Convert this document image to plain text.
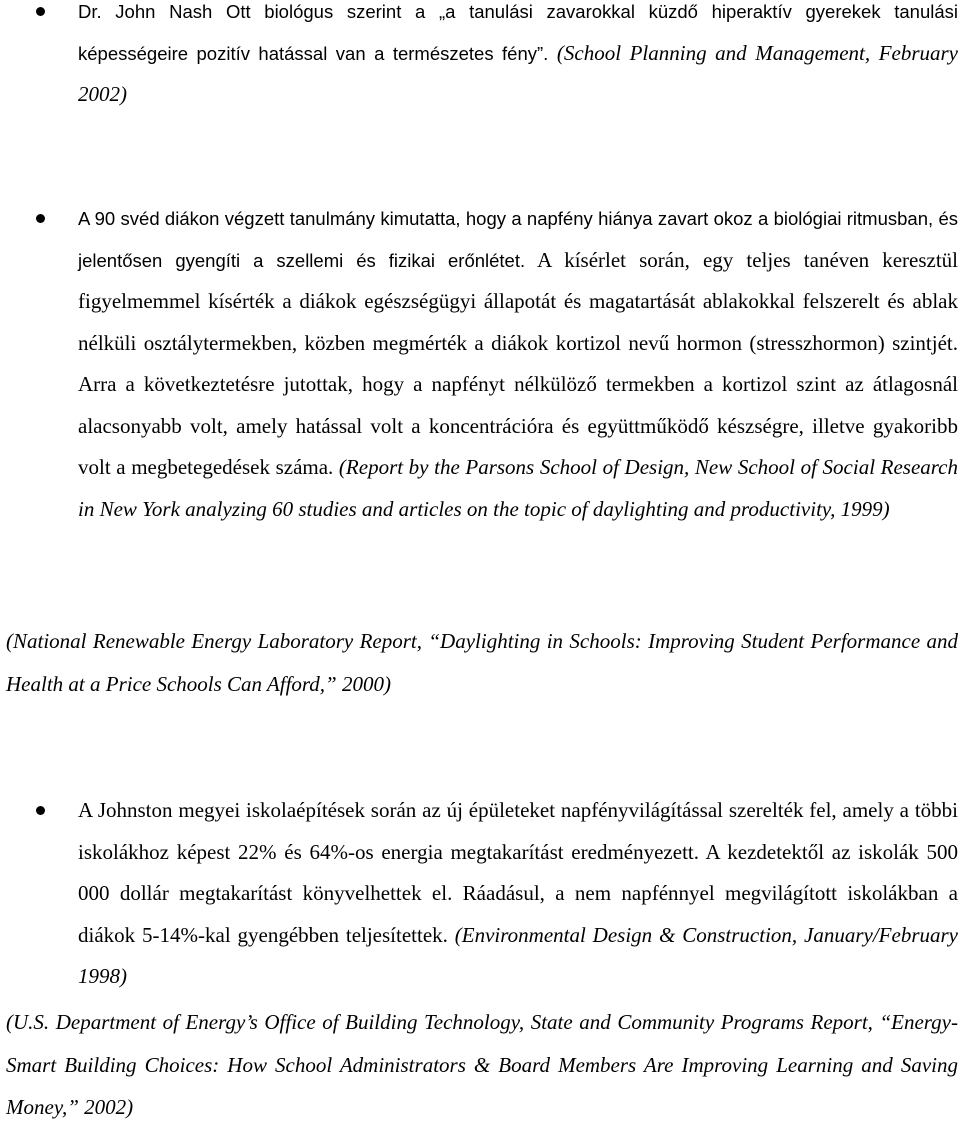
Dr. John Nash Ott biológus szerint a „a tanulási zavarokkal küzdő hiperaktív gyerekek tanulási képességeire pozitív hatással van a természetes fény”. (School Planning and Management, February 2002)
A 90 svéd diákon végzett tanulmány kimutatta, hogy a napfény hiánya zavart okoz a biológiai ritmusban, és jelentősen gyengíti a szellemi és fizikai erőnlétet. A kísérlet során, egy teljes tanéven keresztül figyelmemmel kísérték a diákok egészségügyi állapotát és magatartását ablakokkal felszerelt és ablak nélküli osztálytermekben, közben megmérték a diákok kortizol nevű hormon (stresszhormon) szintjét. Arra a következtetésre jutottak, hogy a napfényt nélkülöző termekben a kortizol szint az átlagosnál alacsonyabb volt, amely hatással volt a koncentrációra és együttműködő készségre, illetve gyakoribb volt a megbetegedések száma. (Report by the Parsons School of Design, New School of Social Research in New York analyzing 60 studies and articles on the topic of daylighting and productivity, 1999)
(National Renewable Energy Laboratory Report, “Daylighting in Schools: Improving Student Performance and Health at a Price Schools Can Afford,” 2000)
A Johnston megyei iskolaépítések során az új épületeket napfényvilágítással szerelték fel, amely a többi iskolákhoz képest 22% és 64%-os energia megtakarítást eredményezett. A kezdetektől az iskolák 500 000 dollár megtakarítást könyvelhettek el. Ráadásul, a nem napfénnyel megvilágított iskolákban a diákok 5-14%-kal gyengébben teljesítettek. (Environmental Design & Construction, January/February 1998)
(U.S. Department of Energy’s Office of Building Technology, State and Community Programs Report, “Energy-Smart Building Choices: How School Administrators & Board Members Are Improving Learning and Saving Money,” 2002)
